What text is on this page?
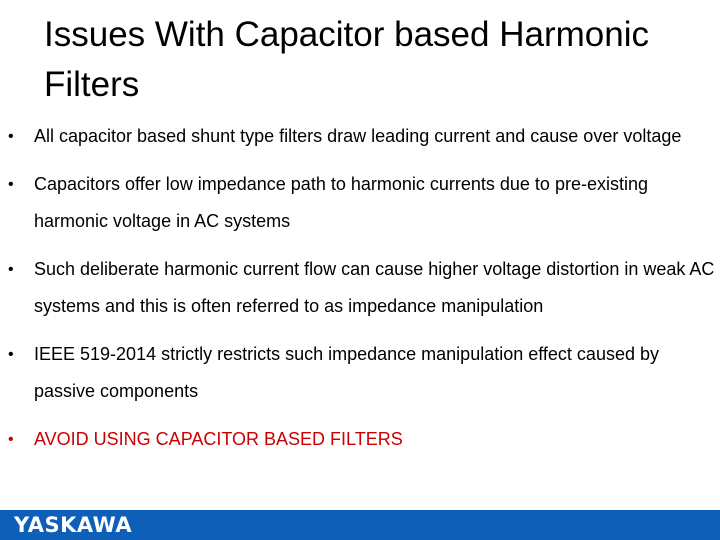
Issues With Capacitor based Harmonic Filters
•	All capacitor based shunt type filters draw leading current and cause over voltage
•	Capacitors offer low impedance path to harmonic currents due to pre-existing harmonic voltage in AC systems
•	Such deliberate harmonic current flow can cause higher voltage distortion in weak AC systems and this is often referred to as impedance manipulation
•	IEEE 519-2014 strictly restricts such impedance manipulation effect caused by passive components
•	AVOID USING CAPACITOR BASED FILTERS
YASKAWA
